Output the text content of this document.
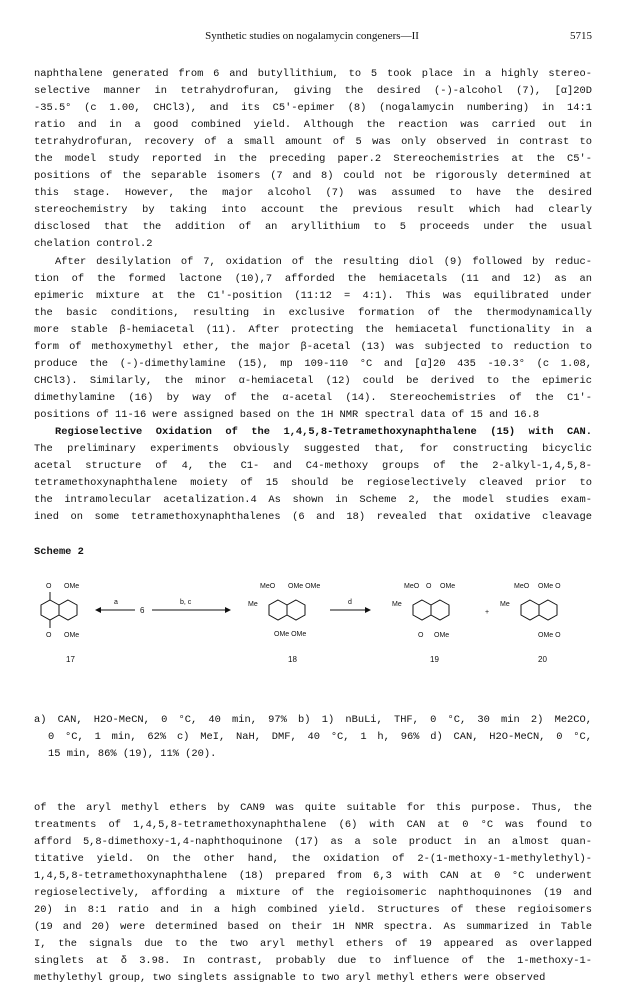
Synthetic studies on nogalamycin congeners—II	5715
naphthalene generated from 6 and butyllithium, to 5 took place in a highly stereo-
selective manner in tetrahydrofuran, giving the desired (-)-alcohol (7), [α]20D
-35.5° (c 1.00, CHCl3), and its C5'-epimer (8) (nogalamycin numbering) in 14:1
ratio and in a good combined yield. Although the reaction was carried out in
tetrahydrofuran, recovery of a small amount of 5 was only observed in contrast to
the model study reported in the preceding paper.2 Stereochemistries at the C5'-
positions of the separable isomers (7 and 8) could not be rigorously determined at
this stage. However, the major alcohol (7) was assumed to have the desired
stereochemistry by taking into account the previous result which had clearly
disclosed that the addition of an aryllithium to 5 proceeds under the usual
chelation control.2
After desilylation of 7, oxidation of the resulting diol (9) followed by reduc-
tion of the formed lactone (10),7 afforded the hemiacetals (11 and 12) as an
epimeric mixture at the C1'-position (11:12 = 4:1). This was equilibrated under
the basic conditions, resulting in exclusive formation of the thermodynamically
more stable β-hemiacetal (11). After protecting the hemiacetal functionality in a
form of methoxymethyl ether, the major β-acetal (13) was subjected to reduction to
produce the (-)-dimethylamine (15), mp 109-110 °C and [α]20 435 -10.3° (c 1.08,
CHCl3). Similarly, the minor α-hemiacetal (12) could be derived to the epimeric
dimethylamine (16) by way of the α-acetal (14). Stereochemistries of the C1'-
positions of 11-16 were assigned based on the 1H NMR spectral data of 15 and 16.8
Regioselective Oxidation of the 1,4,5,8-Tetramethoxynaphthalene (15) with CAN.
The preliminary experiments obviously suggested that, for constructing bicyclic
acetal structure of 4, the C1- and C4-methoxy groups of the 2-alkyl-1,4,5,8-
tetramethoxynaphthalene moiety of 15 should be regioselectively cleaved prior to
the intramolecular acetalization.4 As shown in Scheme 2, the model studies exam-
ined on some tetramethoxynaphthalenes (6 and 18) revealed that oxidative cleavage
Scheme 2
O OMe
O OMe
a
6
b, c
MeO OMe OMe
Me
OMe OMe
d
MeO O OMe
Me
O OMe
+
MeO OMe O
Me
OMe O
17	18	19	20
a) CAN, H2O-MeCN, 0 °C, 40 min, 97% b) 1) nBuLi, THF, 0 °C, 30 min 2) Me2CO,
0 °C, 1 min, 62% c) MeI, NaH, DMF, 40 °C, 1 h, 96% d) CAN, H2O-MeCN, 0 °C,
15 min, 86% (19), 11% (20).
of the aryl methyl ethers by CAN9 was quite suitable for this purpose. Thus, the
treatments of 1,4,5,8-tetramethoxynaphthalene (6) with CAN at 0 °C was found to
afford 5,8-dimethoxy-1,4-naphthoquinone (17) as a sole product in an almost quan-
titative yield. On the other hand, the oxidation of 2-(1-methoxy-1-methylethyl)-
1,4,5,8-tetramethoxynaphthalene (18) prepared from 6,3 with CAN at 0 °C underwent
regioselectively, affording a mixture of the regioisomeric naphthoquinones (19 and
20) in 8:1 ratio and in a high combined yield. Structures of these regioisomers
(19 and 20) were determined based on their 1H NMR spectra. As summarized in Table
I, the signals due to the two aryl methyl ethers of 19 appeared as overlapped
singlets at δ 3.98. In contrast, probably due to influence of the 1-methoxy-1-
methylethyl group, two singlets assignable to two aryl methyl ethers were observed
